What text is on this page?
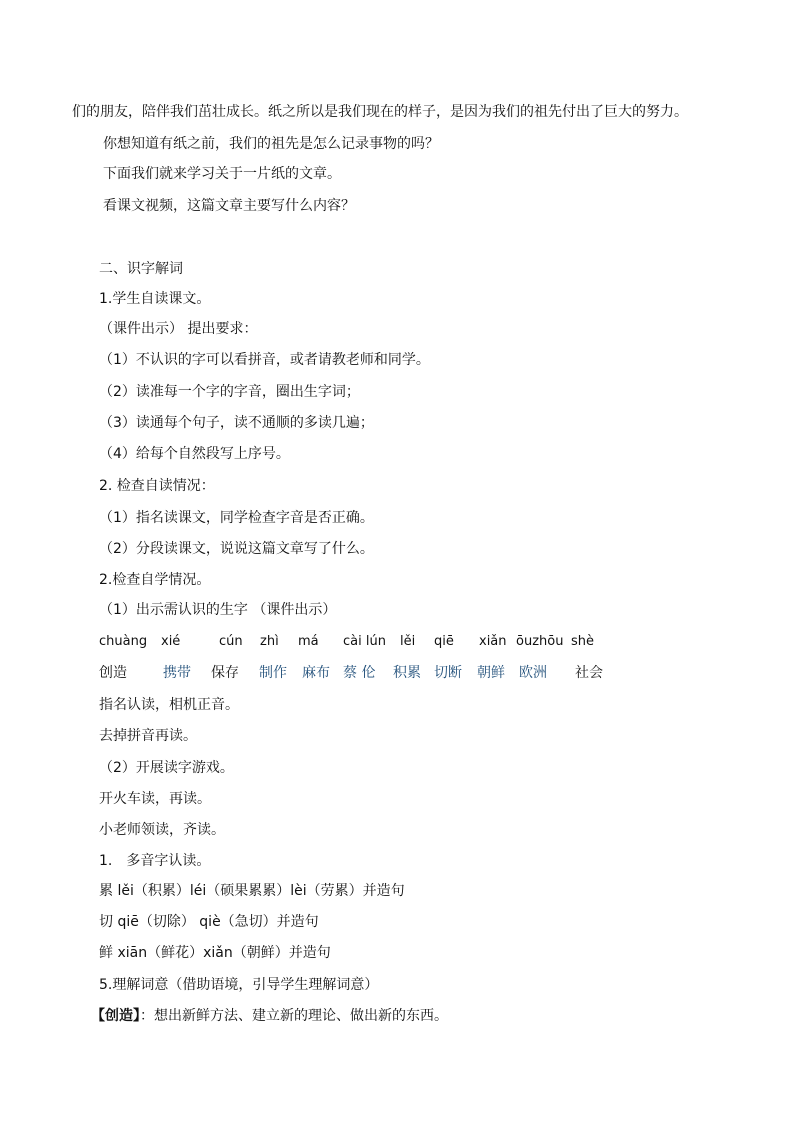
们的朋友，陪伴我们茁壮成长。纸之所以是我们现在的样子，是因为我们的祖先付出了巨大的努力。
你想知道有纸之前，我们的祖先是怎么记录事物的吗？
下面我们就来学习关于一片纸的文章。
看课文视频，这篇文章主要写什么内容？
二、识字解词
1.学生自读课文。
（课件出示） 提出要求：
（1）不认识的字可以看拼音，或者请教老师和同学。
（2）读准每一个字的字音，圈出生字词；
（3）读通每个句子，读不通顺的多读几遍；
（4）给每个自然段写上序号。
2. 检查自读情况：
（1）指名读课文，同学检查字音是否正确。
（2）分段读课文，说说这篇文章写了什么。
2.检查自学情况。
（1）出示需认识的生字 （课件出示）
chuàng xié	cún zhì má cài lún lěi qiē xiǎn ōuzhōu shè
创造	携带 保存 制作 麻布 蔡 伦 积累 切断 朝鲜 欧洲 社会
指名认读，相机正音。
去掉拼音再读。
（2）开展读字游戏。
开火车读，再读。
小老师领读，齐读。
1.　多音字认读。
累 lěi（积累）léi（硕果累累）lèi（劳累）并造句
切 qiē（切除） qiè（急切）并造句
鲜 xiān（鲜花）xiǎn（朝鲜）并造句
5.理解词意（借助语境，引导学生理解词意）
【创造】：想出新鲜方法、建立新的理论、做出新的东西。
